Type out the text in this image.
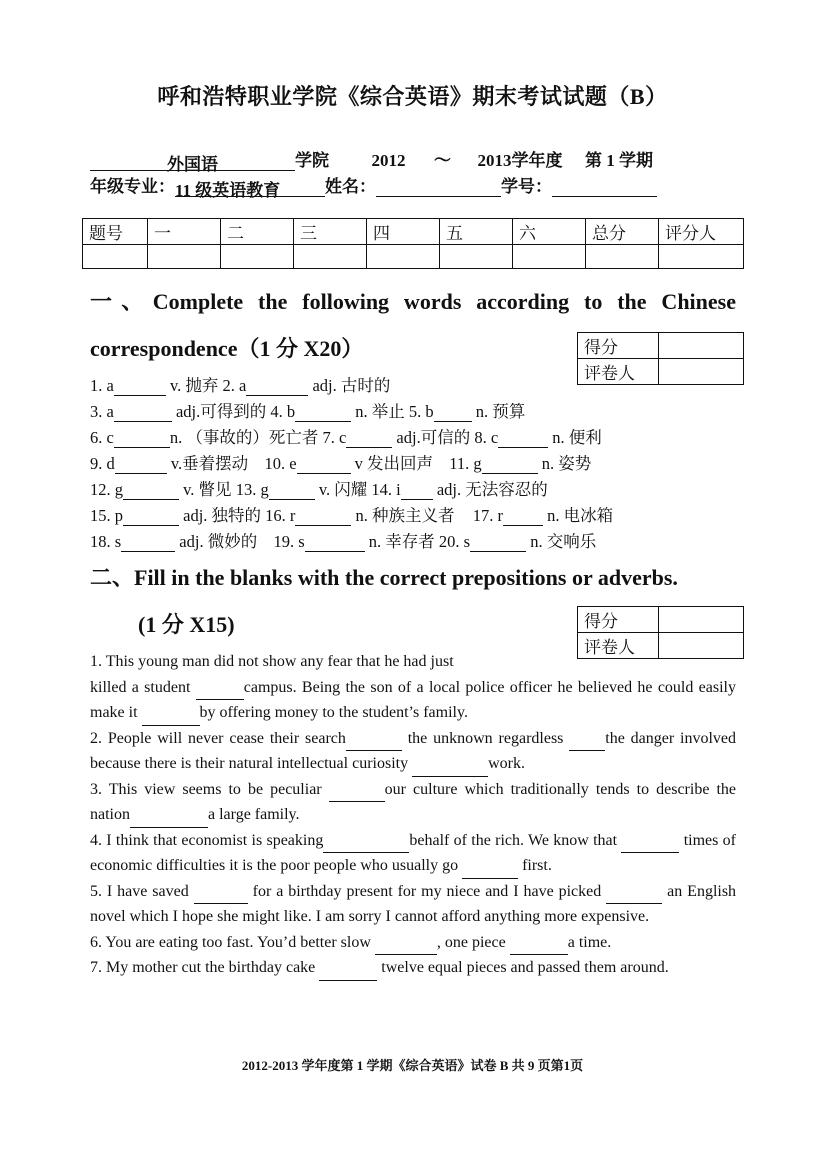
呼和浩特职业学院《综合英语》期末考试试题（B）
外国语	学院	2012 ～ 2013学年度 第 1 学期
年级专业：11 级英语教育	姓名：	学号：
题号	一	二	三	四	五	六	总分	评分人

一、Complete the following words according to the Chinese
correspondence（1 分 X20）	得分	
评卷人	
1. a	v. 抛弃 2. a	adj. 古时的
3. a	adj.可得到的 4. b	n. 举止 5. b n. 预算
6. c	n. （事故的）死亡者 7. c	adj.可信的 8. c	n. 便利
9. d	v.垂着摆动 10. e	v 发出回声 11. g	n. 姿势
12. g	v. 瞥见 13. g	v. 闪耀 14. i adj. 无法容忍的
15. p	adj. 独特的 16. r	n. 种族主义者 17. r n. 电冰箱
18. s	adj. 微妙的 19. s	n. 幸存者 20. s	n. 交响乐
二、Fill in the blanks with the correct prepositions or adverbs.
(1 分 X15)	得分	
评卷人	

1. This young man did not show any fear that he had just
killed a student	campus. Being the son of a local police officer he believed he could easily make it	by offering money to the student’s family.

2. People will never cease their search	the unknown regardless	the danger involved because there is their natural intellectual curiosity	work.

3. This view seems to be peculiar	our culture which traditionally tends to describe the nation	a large family.

4. I think that economist is speaking	behalf of the rich. We know that	times of economic difficulties it is the poor people who usually go	first.

5. I have saved	for a birthday present for my niece and I have picked	an English novel which I hope she might like. I am sorry I cannot afford anything more expensive.

6. You are eating too fast. You’d better slow	, one piece	a time.

7. My mother cut the birthday cake	twelve equal pieces and passed them around.

2012-2013 学年度第 1 学期《综合英语》试卷 B 共 9 页第1页
